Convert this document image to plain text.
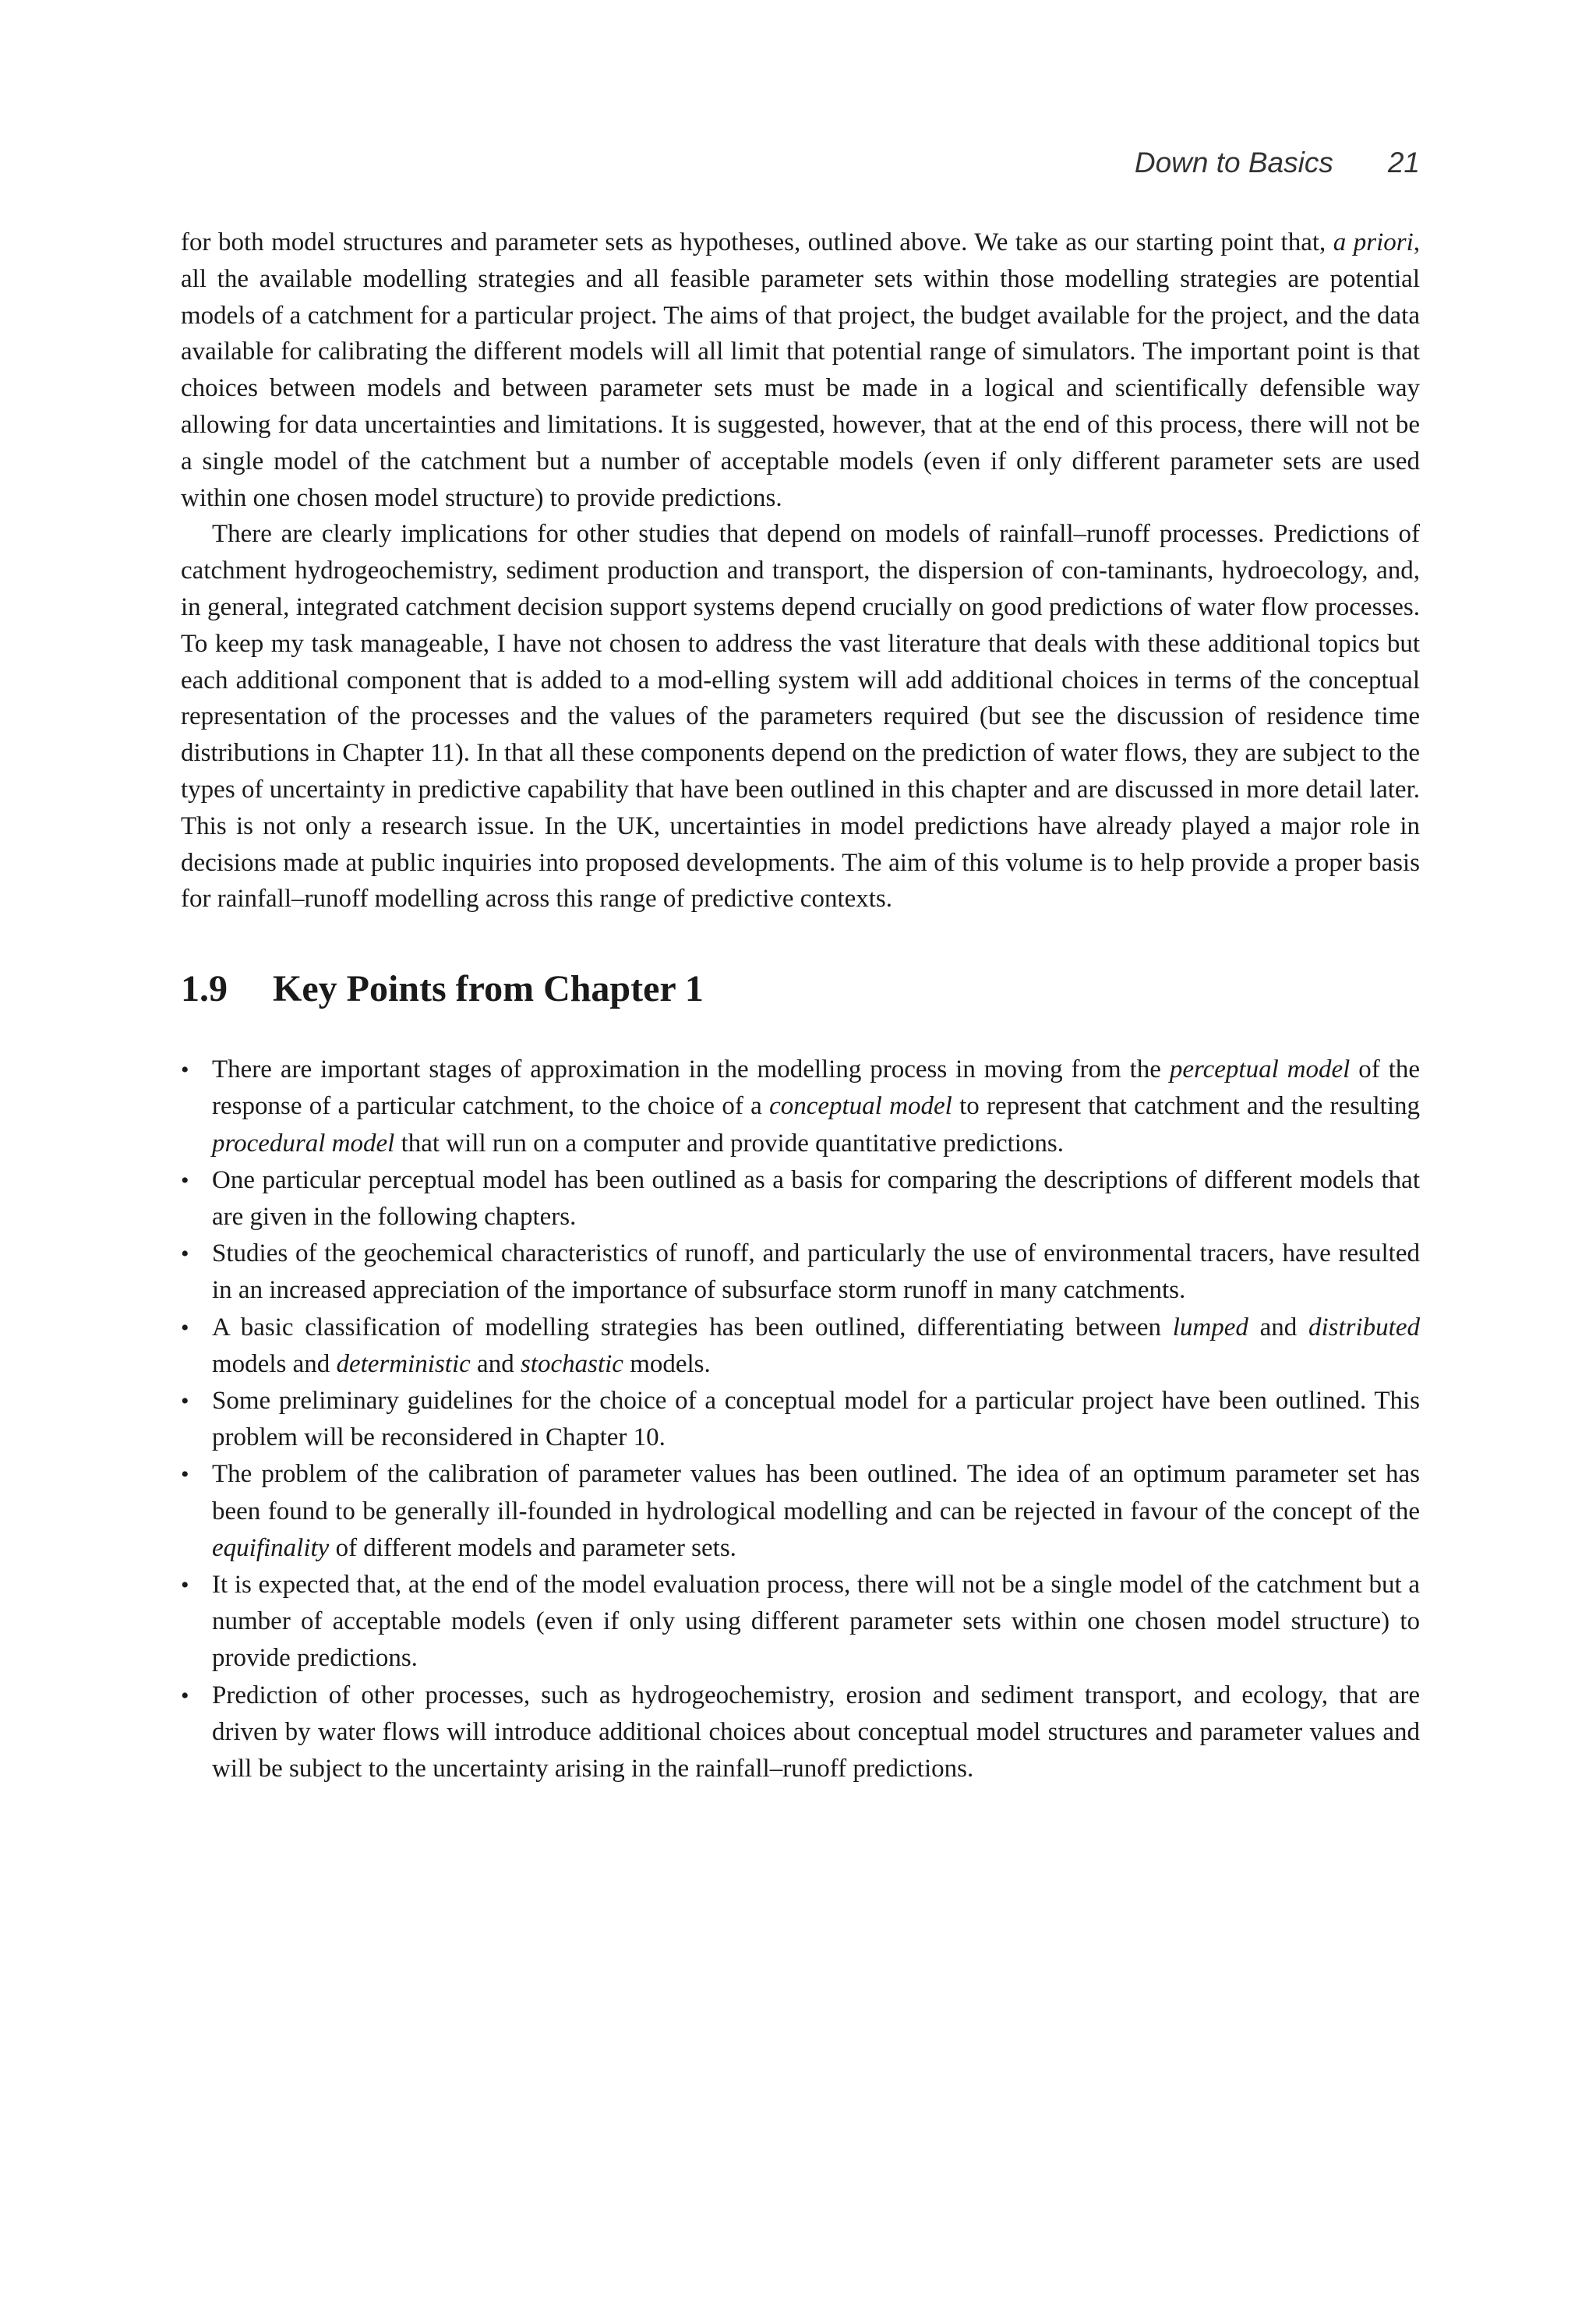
Down to Basics 21

for both model structures and parameter sets as hypotheses, outlined above. We take as our starting point that, a priori, all the available modelling strategies and all feasible parameter sets within those modelling strategies are potential models of a catchment for a particular project. The aims of that project, the budget available for the project, and the data available for calibrating the different models will all limit that potential range of simulators. The important point is that choices between models and between parameter sets must be made in a logical and scientifically defensible way allowing for data uncertainties and limitations. It is suggested, however, that at the end of this process, there will not be a single model of the catchment but a number of acceptable models (even if only different parameter sets are used within one chosen model structure) to provide predictions.

There are clearly implications for other studies that depend on models of rainfall–runoff processes. Predictions of catchment hydrogeochemistry, sediment production and transport, the dispersion of con-taminants, hydroecology, and, in general, integrated catchment decision support systems depend crucially on good predictions of water flow processes. To keep my task manageable, I have not chosen to address the vast literature that deals with these additional topics but each additional component that is added to a mod-elling system will add additional choices in terms of the conceptual representation of the processes and the values of the parameters required (but see the discussion of residence time distributions in Chapter 11). In that all these components depend on the prediction of water flows, they are subject to the types of uncertainty in predictive capability that have been outlined in this chapter and are discussed in more detail later. This is not only a research issue. In the UK, uncertainties in model predictions have already played a major role in decisions made at public inquiries into proposed developments. The aim of this volume is to help provide a proper basis for rainfall–runoff modelling across this range of predictive contexts.

1.9 Key Points from Chapter 1
• There are important stages of approximation in the modelling process in moving from the perceptual model of the response of a particular catchment, to the choice of a conceptual model to represent that catchment and the resulting procedural model that will run on a computer and provide quantitative predictions.
• One particular perceptual model has been outlined as a basis for comparing the descriptions of different models that are given in the following chapters.
• Studies of the geochemical characteristics of runoff, and particularly the use of environmental tracers, have resulted in an increased appreciation of the importance of subsurface storm runoff in many catchments.
• A basic classification of modelling strategies has been outlined, differentiating between lumped and distributed models and deterministic and stochastic models.
• Some preliminary guidelines for the choice of a conceptual model for a particular project have been outlined. This problem will be reconsidered in Chapter 10.
• The problem of the calibration of parameter values has been outlined. The idea of an optimum parameter set has been found to be generally ill-founded in hydrological modelling and can be rejected in favour of the concept of the equifinality of different models and parameter sets.
• It is expected that, at the end of the model evaluation process, there will not be a single model of the catchment but a number of acceptable models (even if only using different parameter sets within one chosen model structure) to provide predictions.
• Prediction of other processes, such as hydrogeochemistry, erosion and sediment transport, and ecology, that are driven by water flows will introduce additional choices about conceptual model structures and parameter values and will be subject to the uncertainty arising in the rainfall–runoff predictions.
